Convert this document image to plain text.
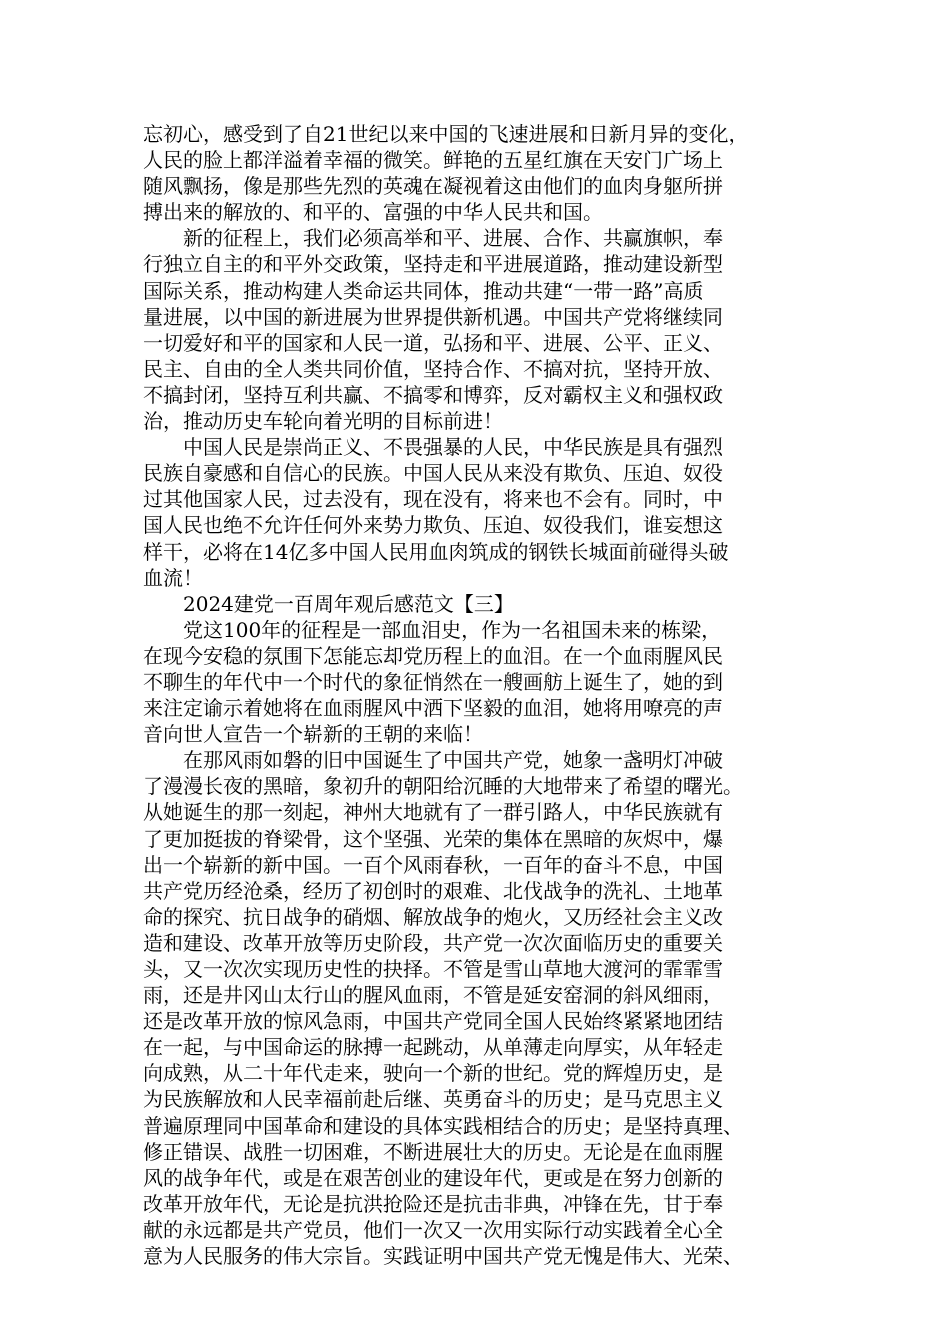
忘初心，感受到了自21世纪以来中国的飞速进展和日新月异的变化，
人民的脸上都洋溢着幸福的微笑。鲜艳的五星红旗在天安门广场上
随风飘扬，像是那些先烈的英魂在凝视着这由他们的血肉身躯所拼
搏出来的解放的、和平的、富强的中华人民共和国。
　　新的征程上，我们必须高举和平、进展、合作、共赢旗帜，奉
行独立自主的和平外交政策，坚持走和平进展道路，推动建设新型
国际关系，推动构建人类命运共同体，推动共建“一带一路”高质
量进展，以中国的新进展为世界提供新机遇。中国共产党将继续同
一切爱好和平的国家和人民一道，弘扬和平、进展、公平、正义、
民主、自由的全人类共同价值，坚持合作、不搞对抗，坚持开放、
不搞封闭，坚持互利共赢、不搞零和博弈，反对霸权主义和强权政
治，推动历史车轮向着光明的目标前进！
　　中国人民是崇尚正义、不畏强暴的人民，中华民族是具有强烈
民族自豪感和自信心的民族。中国人民从来没有欺负、压迫、奴役
过其他国家人民，过去没有，现在没有，将来也不会有。同时，中
国人民也绝不允许任何外来势力欺负、压迫、奴役我们，谁妄想这
样干，必将在14亿多中国人民用血肉筑成的钢铁长城面前碰得头破
血流！
　　2024建党一百周年观后感范文【三】
　　党这100年的征程是一部血泪史，作为一名祖国未来的栋梁，
在现今安稳的氛围下怎能忘却党历程上的血泪。在一个血雨腥风民
不聊生的年代中一个时代的象征悄然在一艘画舫上诞生了，她的到
来注定谕示着她将在血雨腥风中洒下坚毅的血泪，她将用嘹亮的声
音向世人宣告一个崭新的王朝的来临！
　　在那风雨如磐的旧中国诞生了中国共产党，她象一盏明灯冲破
了漫漫长夜的黑暗，象初升的朝阳给沉睡的大地带来了希望的曙光。
从她诞生的那一刻起，神州大地就有了一群引路人，中华民族就有
了更加挺拔的脊梁骨，这个坚强、光荣的集体在黑暗的灰烬中，爆
出一个崭新的新中国。一百个风雨春秋，一百年的奋斗不息，中国
共产党历经沧桑，经历了初创时的艰难、北伐战争的洗礼、土地革
命的探究、抗日战争的硝烟、解放战争的炮火，又历经社会主义改
造和建设、改革开放等历史阶段，共产党一次次面临历史的重要关
头，又一次次实现历史性的抉择。不管是雪山草地大渡河的霏霏雪
雨，还是井冈山太行山的腥风血雨，不管是延安窑洞的斜风细雨，
还是改革开放的惊风急雨，中国共产党同全国人民始终紧紧地团结
在一起，与中国命运的脉搏一起跳动，从单薄走向厚实，从年轻走
向成熟，从二十年代走来，驶向一个新的世纪。党的辉煌历史，是
为民族解放和人民幸福前赴后继、英勇奋斗的历史；是马克思主义
普遍原理同中国革命和建设的具体实践相结合的历史；是坚持真理、
修正错误、战胜一切困难，不断进展壮大的历史。无论是在血雨腥
风的战争年代，或是在艰苦创业的建设年代，更或是在努力创新的
改革开放年代，无论是抗洪抢险还是抗击非典，冲锋在先，甘于奉
献的永远都是共产党员，他们一次又一次用实际行动实践着全心全
意为人民服务的伟大宗旨。实践证明中国共产党无愧是伟大、光荣、
